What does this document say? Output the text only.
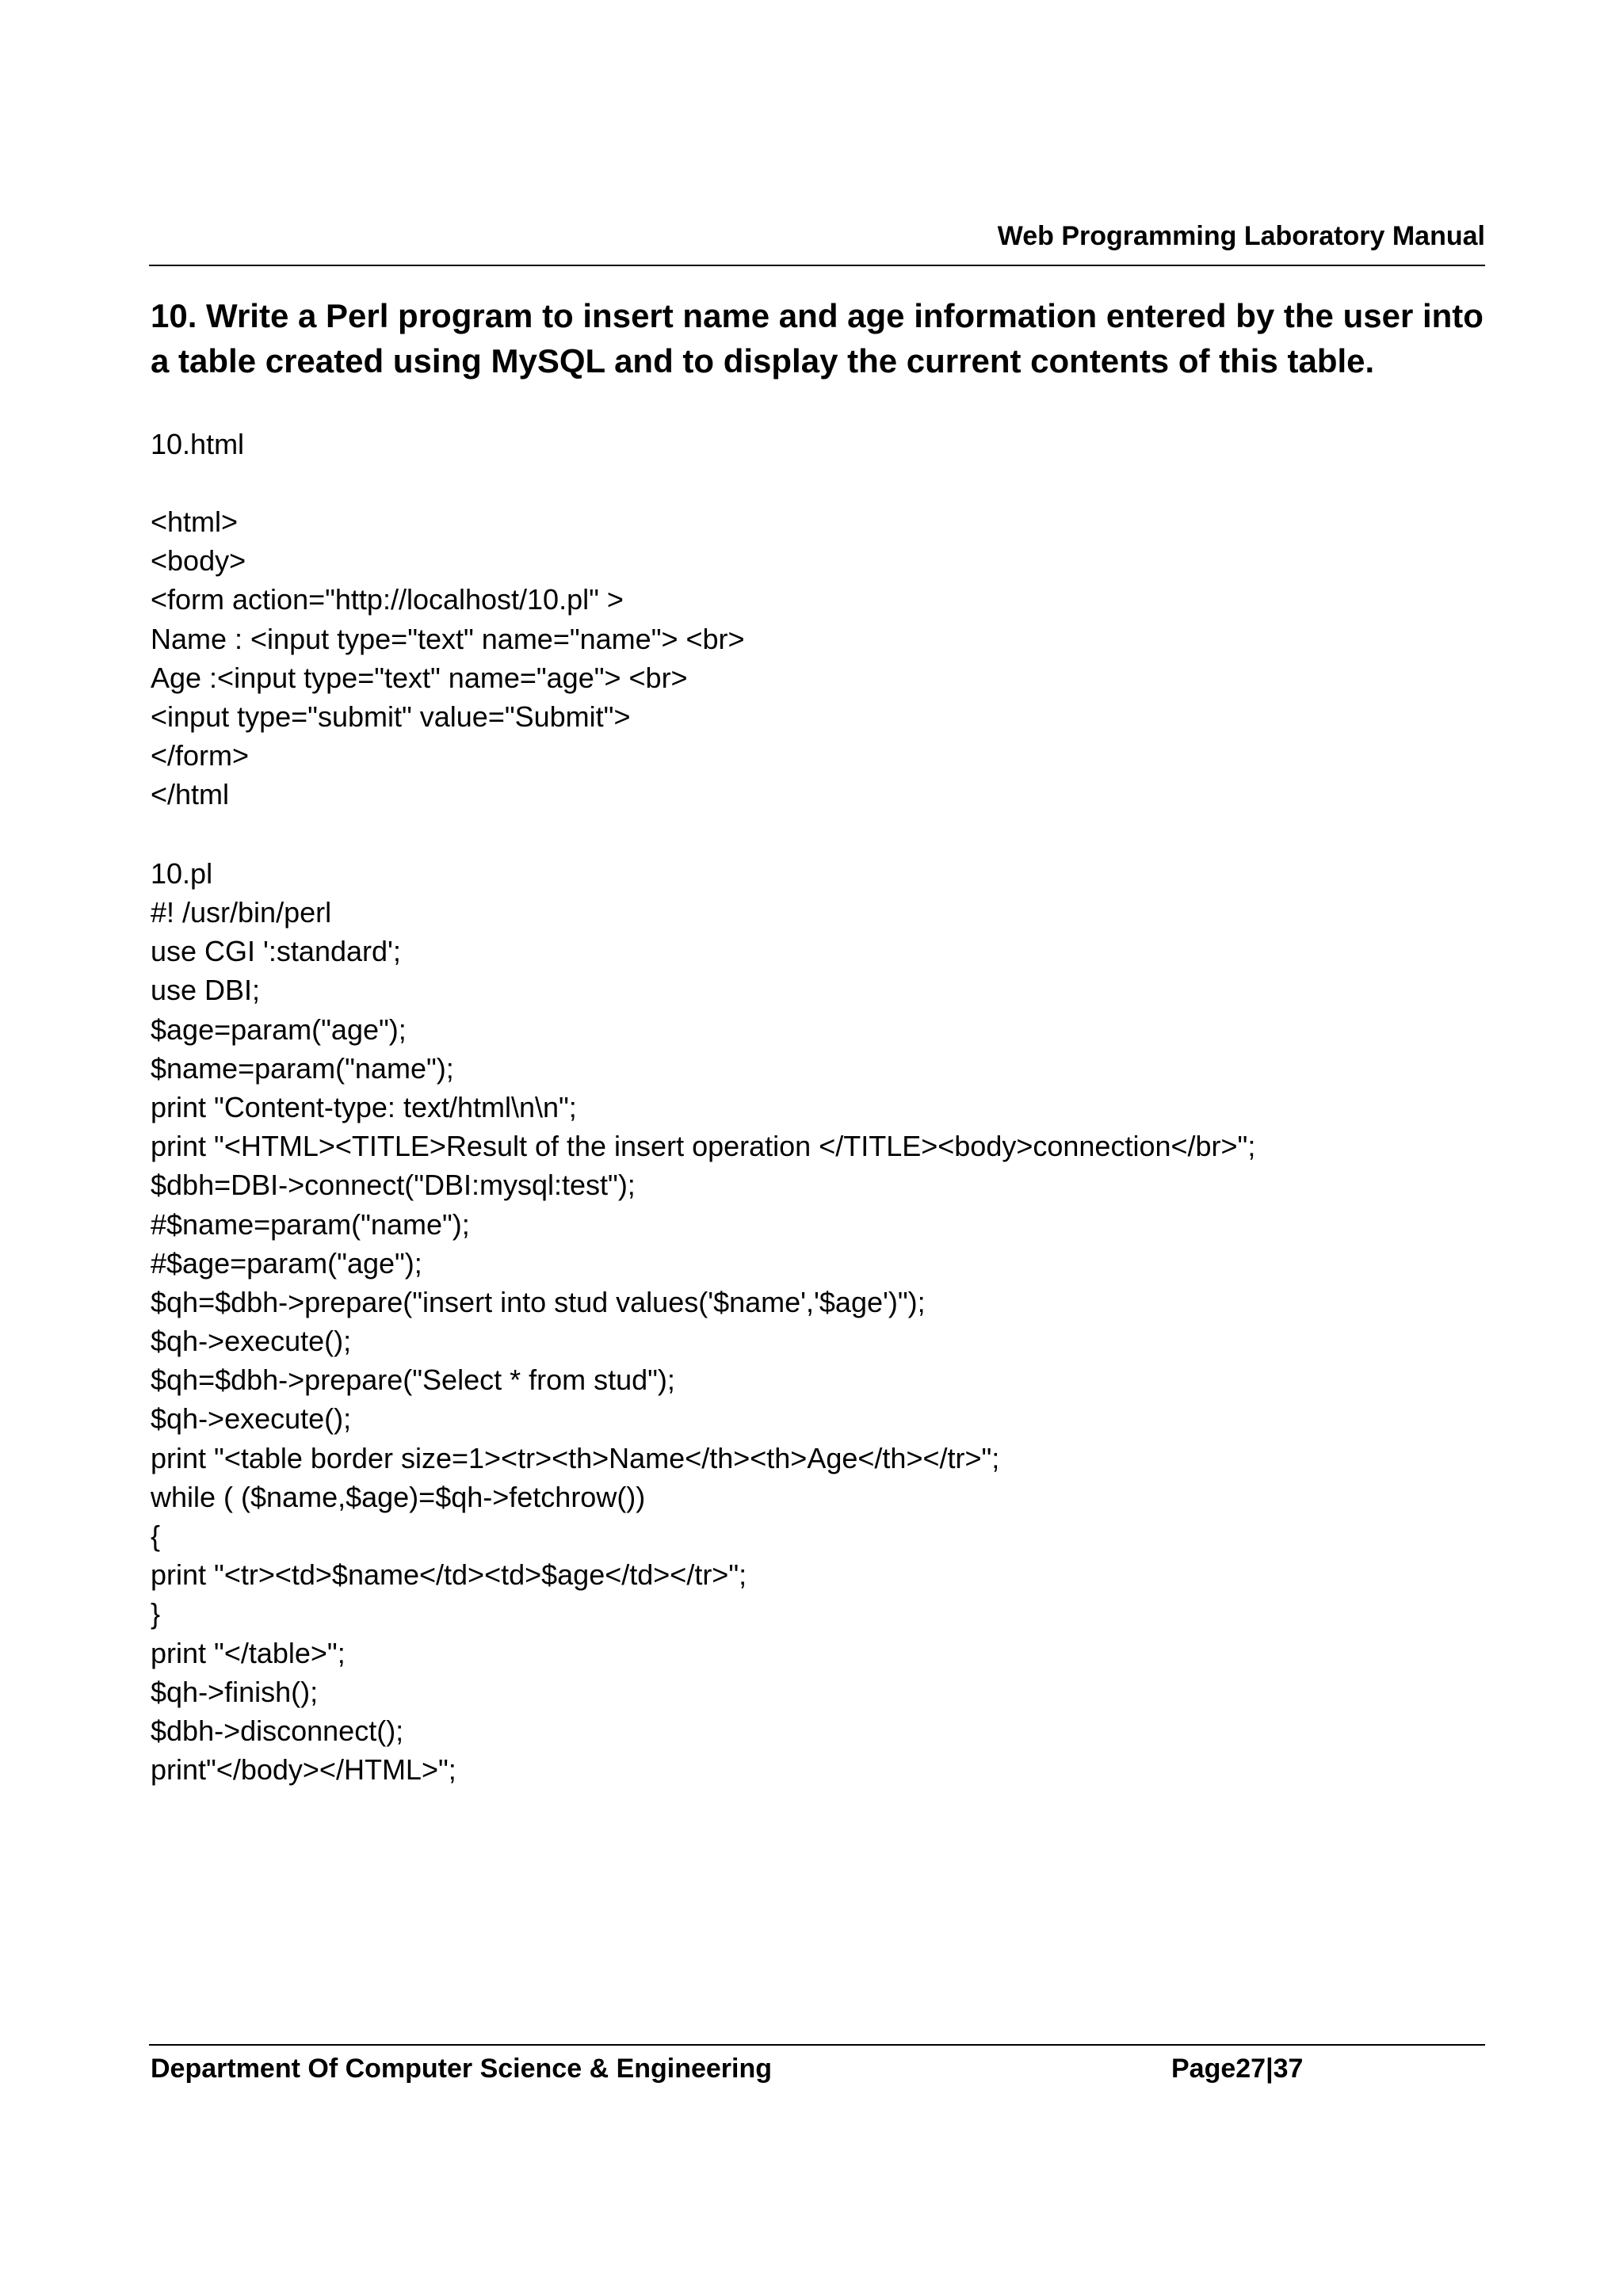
Web Programming Laboratory Manual
10. Write a Perl program to insert name and age information entered by the user into
a table created using MySQL and to display the current contents of this table.
10.html
<html>
<body>
<form action="http://localhost/10.pl" >
Name : <input type="text" name="name"> <br>
Age :<input type="text" name="age"> <br>
<input type="submit" value="Submit">
</form>
</html
10.pl
#! /usr/bin/perl
use CGI ':standard';
use DBI;
$age=param("age");
$name=param("name");
print "Content-type: text/html\n\n";
print "<HTML><TITLE>Result of the insert operation </TITLE><body>connection</br>";
$dbh=DBI->connect("DBI:mysql:test");
#$name=param("name");
#$age=param("age");
$qh=$dbh->prepare("insert into stud values('$name','$age')");
$qh->execute();
$qh=$dbh->prepare("Select * from stud");
$qh->execute();
print "<table border size=1><tr><th>Name</th><th>Age</th></tr>";
while ( ($name,$age)=$qh->fetchrow())
{
print "<tr><td>$name</td><td>$age</td></tr>";
}
print "</table>";
$qh->finish();
$dbh->disconnect();
print"</body></HTML>";
Department Of Computer Science & Engineering	Page27|37
